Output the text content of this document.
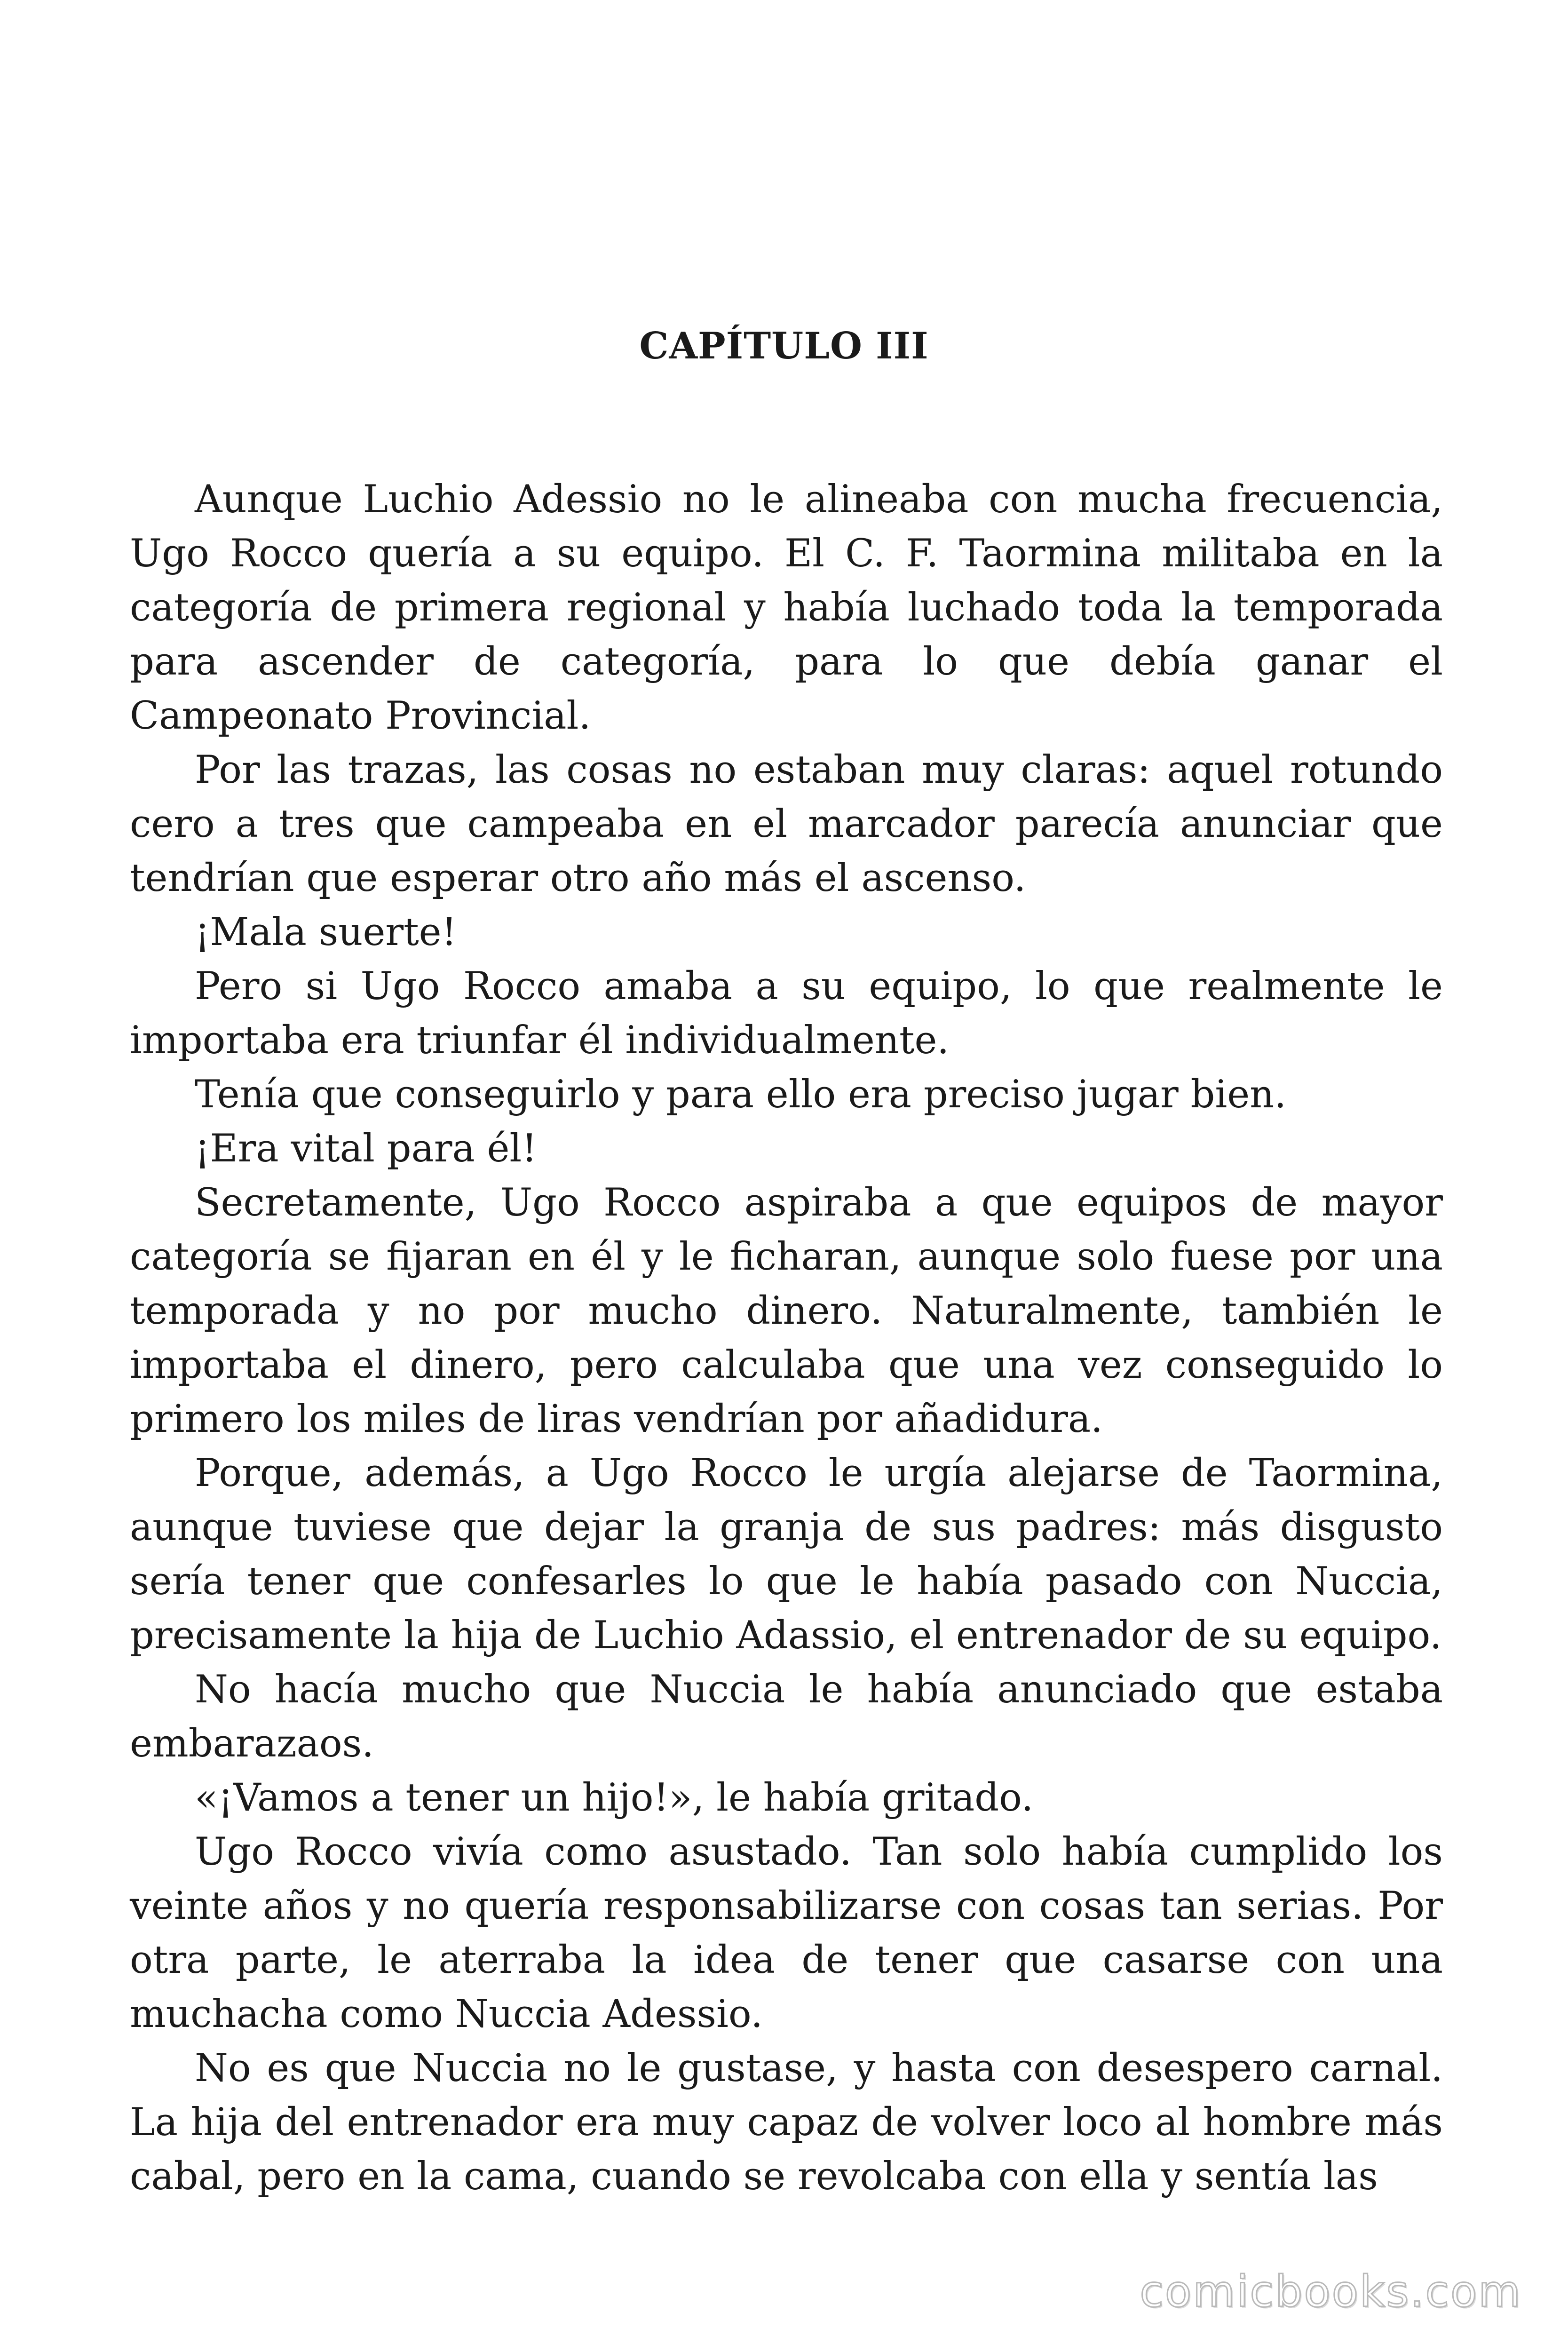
CAPÍTULO III

Aunque Luchio Adessio no le alineaba con mucha frecuencia, Ugo Rocco quería a su equipo. El C. F. Taormina militaba en la categoría de primera regional y había luchado toda la temporada para ascender de categoría, para lo que debía ganar el Campeonato Provincial.

Por las trazas, las cosas no estaban muy claras: aquel rotundo cero a tres que campeaba en el marcador parecía anunciar que tendrían que esperar otro año más el ascenso.

¡Mala suerte!

Pero si Ugo Rocco amaba a su equipo, lo que realmente le importaba era triunfar él individualmente.

Tenía que conseguirlo y para ello era preciso jugar bien.

¡Era vital para él!

Secretamente, Ugo Rocco aspiraba a que equipos de mayor categoría se fijaran en él y le ficharan, aunque solo fuese por una temporada y no por mucho dinero. Naturalmente, también le importaba el dinero, pero calculaba que una vez conseguido lo primero los miles de liras vendrían por añadidura.

Porque, además, a Ugo Rocco le urgía alejarse de Taormina, aunque tuviese que dejar la granja de sus padres: más disgusto sería tener que confesarles lo que le había pasado con Nuccia, precisamente la hija de Luchio Adassio, el entrenador de su equipo.

No hacía mucho que Nuccia le había anunciado que estaba embarazaos.

«¡Vamos a tener un hijo!», le había gritado.

Ugo Rocco vivía como asustado. Tan solo había cumplido los veinte años y no quería responsabilizarse con cosas tan serias. Por otra parte, le aterraba la idea de tener que casarse con una muchacha como Nuccia Adessio.

No es que Nuccia no le gustase, y hasta con desespero carnal. La hija del entrenador era muy capaz de volver loco al hombre más cabal, pero en la cama, cuando se revolcaba con ella y sentía las

comicbooks.com
